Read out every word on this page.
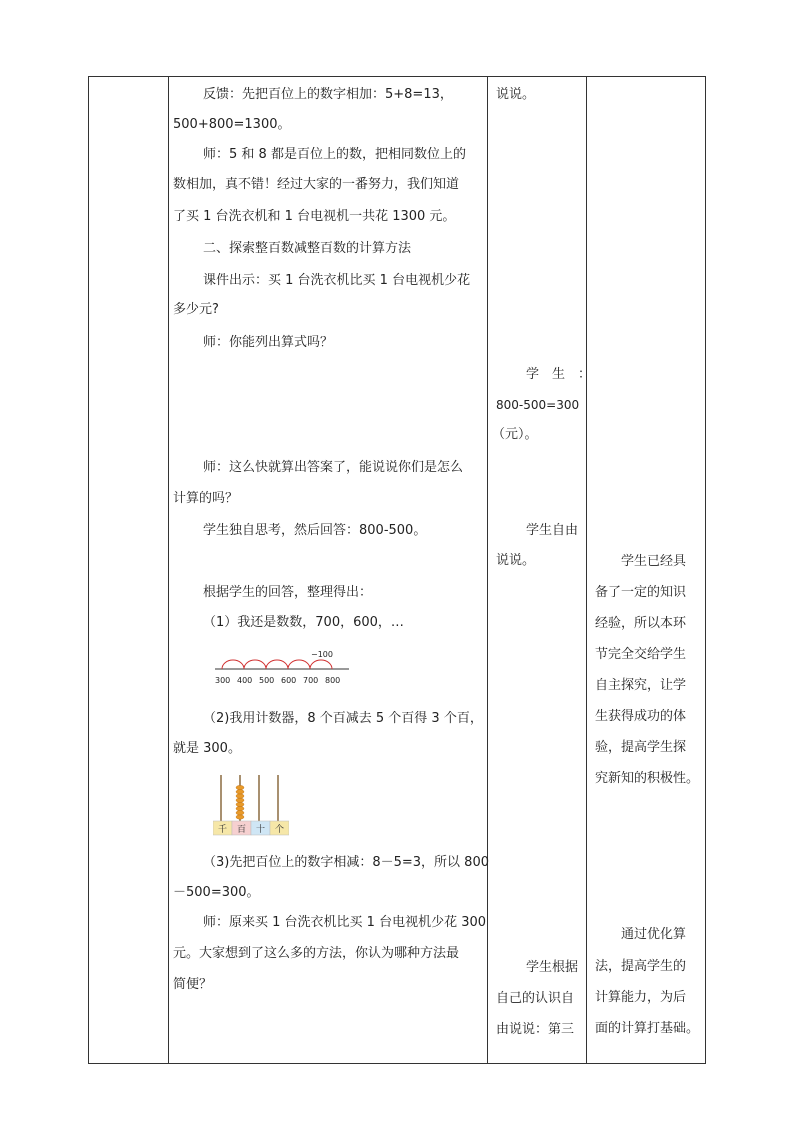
反馈：先把百位上的数字相加：5+8=13，
500+800=1300。
师：5 和 8 都是百位上的数，把相同数位上的
数相加，真不错！经过大家的一番努力，我们知道
了买 1 台洗衣机和 1 台电视机一共花 1300 元。
二、探索整百数减整百数的计算方法
课件出示：买 1 台洗衣机比买 1 台电视机少花
多少元?
师：你能列出算式吗？
师：这么快就算出答案了，能说说你们是怎么
计算的吗？
学生独自思考，然后回答：800-500。
根据学生的回答，整理得出：
（1）我还是数数，700，600，…
−100
300 400 500 600 700 800
（2)我用计数器，8 个百减去 5 个百得 3 个百，
就是 300。
千 百 十 个
（3)先把百位上的数字相减：8－5=3，所以 800
－500=300。
师：原来买 1 台洗衣机比买 1 台电视机少花 300
元。大家想到了这么多的方法，你认为哪种方法最
简便？
说说。
学　生　：
800-500=300
（元）。
学生自由
说说。
学生根据
自己的认识自
由说说：第三
学生已经具
备了一定的知识
经验，所以本环
节完全交给学生
自主探究，让学
生获得成功的体
验，提高学生探
究新知的积极性。
通过优化算
法，提高学生的
计算能力，为后
面的计算打基础。
